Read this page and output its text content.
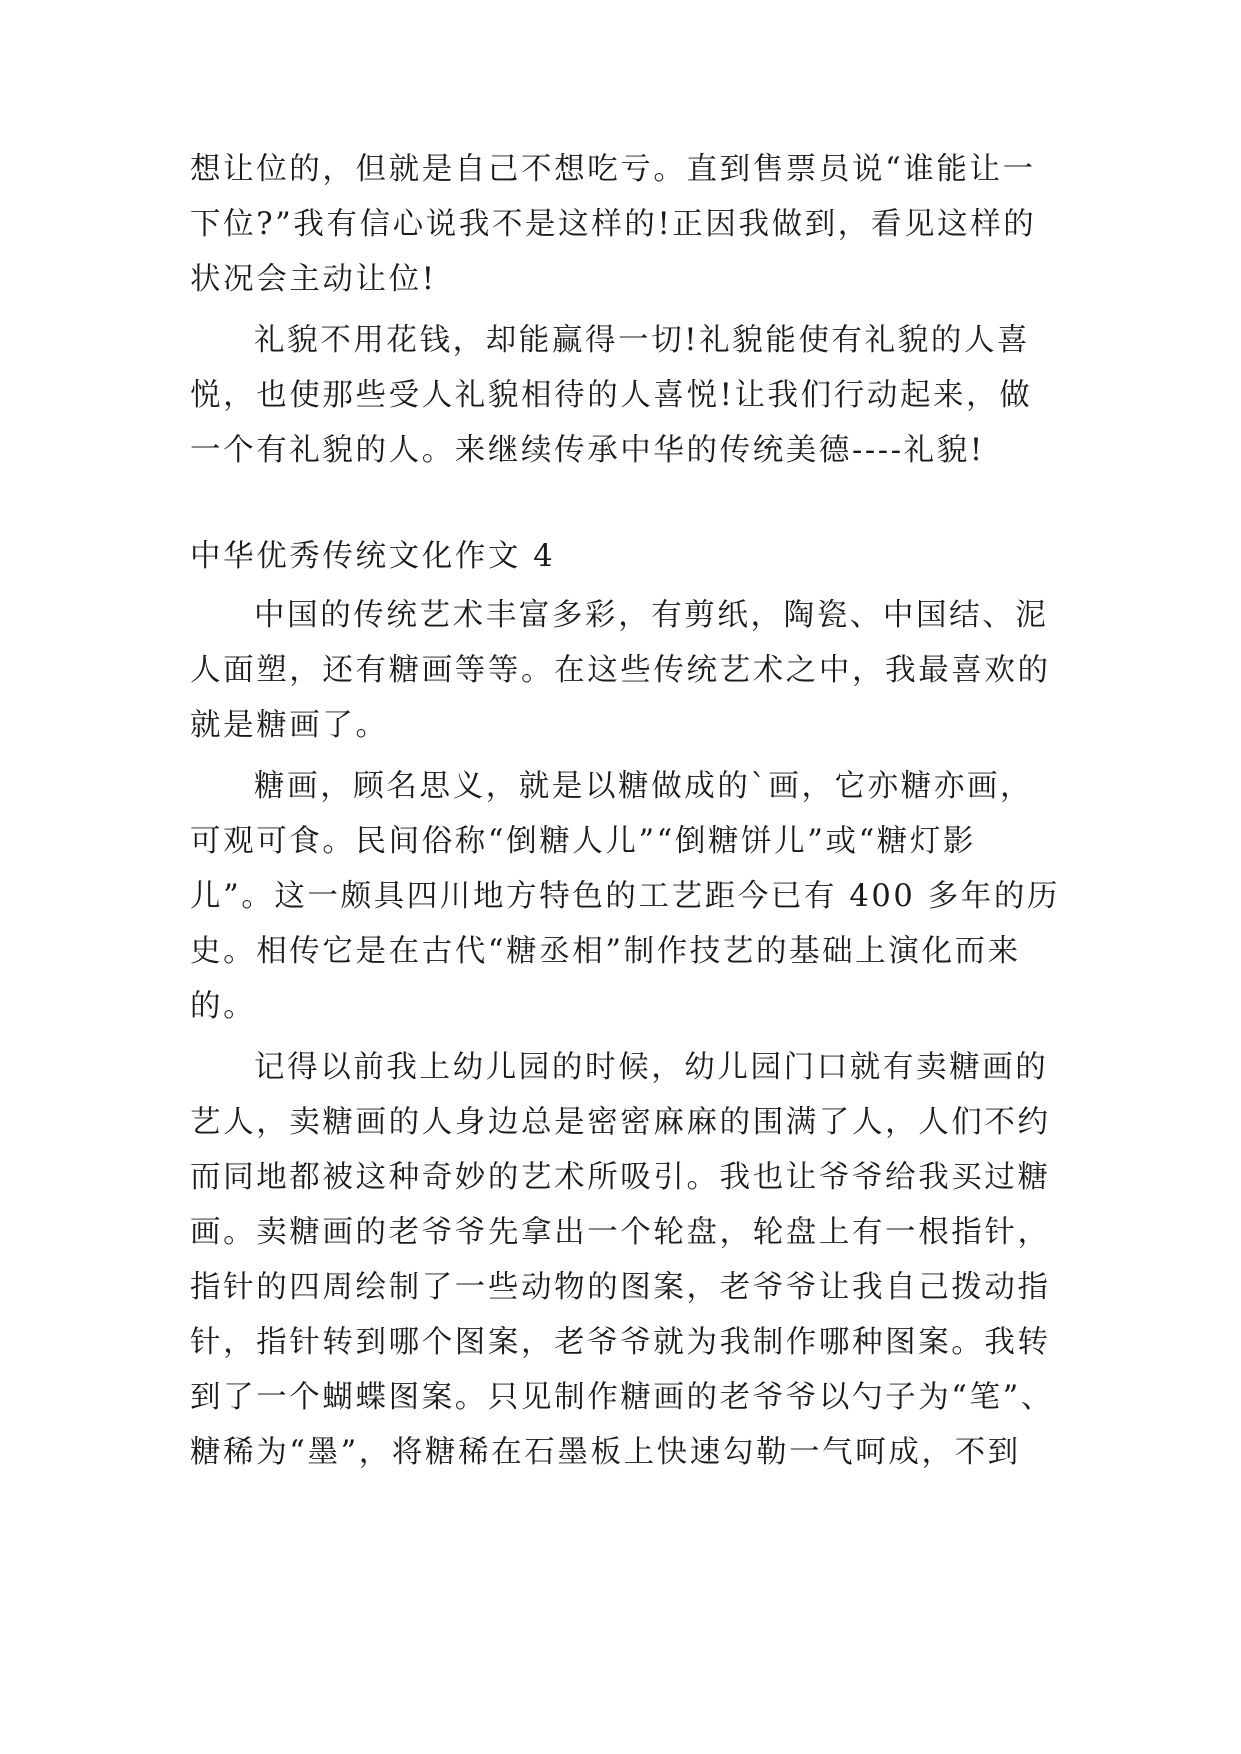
想让位的，但就是自己不想吃亏。直到售票员说“谁能让一
下位?”我有信心说我不是这样的!正因我做到，看见这样的
状况会主动让位!
礼貌不用花钱，却能赢得一切!礼貌能使有礼貌的人喜
悦，也使那些受人礼貌相待的人喜悦!让我们行动起来，做
一个有礼貌的人。来继续传承中华的传统美德----礼貌!
中华优秀传统文化作文 4
中国的传统艺术丰富多彩，有剪纸，陶瓷、中国结、泥
人面塑，还有糖画等等。在这些传统艺术之中，我最喜欢的
就是糖画了。
糖画，顾名思义，就是以糖做成的`画，它亦糖亦画，
可观可食。民间俗称“倒糖人儿”“倒糖饼儿”或“糖灯影
儿”。这一颇具四川地方特色的工艺距今已有 400 多年的历
史。相传它是在古代“糖丞相”制作技艺的基础上演化而来
的。
记得以前我上幼儿园的时候，幼儿园门口就有卖糖画的
艺人，卖糖画的人身边总是密密麻麻的围满了人，人们不约
而同地都被这种奇妙的艺术所吸引。我也让爷爷给我买过糖
画。卖糖画的老爷爷先拿出一个轮盘，轮盘上有一根指针，
指针的四周绘制了一些动物的图案，老爷爷让我自己拨动指
针，指针转到哪个图案，老爷爷就为我制作哪种图案。我转
到了一个蝴蝶图案。只见制作糖画的老爷爷以勺子为“笔”、
糖稀为“墨”，将糖稀在石墨板上快速勾勒一气呵成，不到
